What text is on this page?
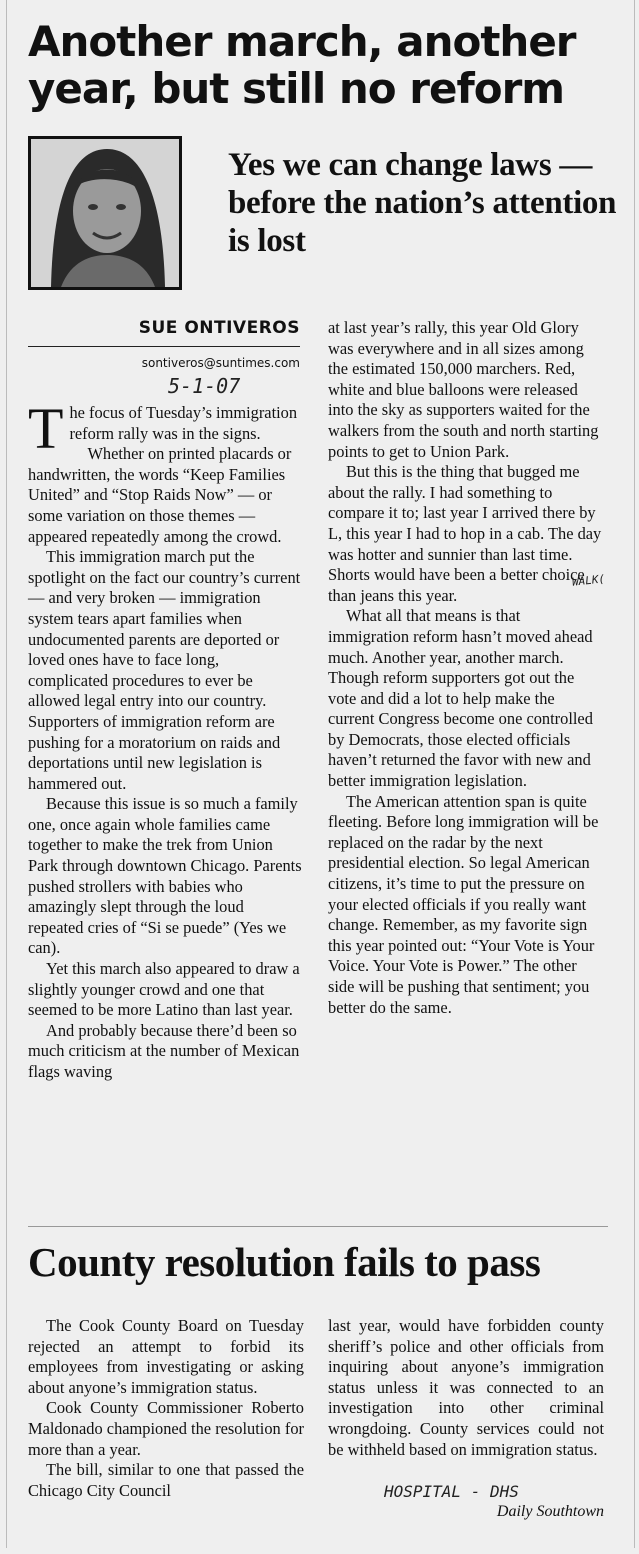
Another march, another year, but still no reform
Yes we can change laws — before the nation’s attention is lost
SUE ONTIVEROS
sontiveros@suntimes.com
5-1-07
WALK(

The focus of Tuesday’s immigration reform rally was in the signs.

Whether on printed placards or handwritten, the words “Keep Families United” and “Stop Raids Now” — or some variation on those themes — appeared repeatedly among the crowd.

This immigration march put the spotlight on the fact our country’s current — and very broken — immigration system tears apart families when undocumented parents are deported or loved ones have to face long, complicated procedures to ever be allowed legal entry into our country. Supporters of immigration reform are pushing for a moratorium on raids and deportations until new legislation is hammered out.

Because this issue is so much a family one, once again whole families came together to make the trek from Union Park through downtown Chicago. Parents pushed strollers with babies who amazingly slept through the loud repeated cries of “Si se puede” (Yes we can).

Yet this march also appeared to draw a slightly younger crowd and one that seemed to be more Latino than last year.

And probably because there’d been so much criticism at the number of Mexican flags waving

at last year’s rally, this year Old Glory was everywhere and in all sizes among the estimated 150,000 marchers. Red, white and blue balloons were released into the sky as supporters waited for the walkers from the south and north starting points to get to Union Park.

But this is the thing that bugged me about the rally. I had something to compare it to; last year I arrived there by L, this year I had to hop in a cab. The day was hotter and sunnier than last time. Shorts would have been a better choice than jeans this year.

What all that means is that immigration reform hasn’t moved ahead much. Another year, another march. Though reform supporters got out the vote and did a lot to help make the current Congress become one controlled by Democrats, those elected officials haven’t returned the favor with new and better immigration legislation.

The American attention span is quite fleeting. Before long immigration will be replaced on the radar by the next presidential election. So legal American citizens, it’s time to put the pressure on your elected officials if you really want change. Remember, as my favorite sign this year pointed out: “Your Vote is Your Voice. Your Vote is Power.” The other side will be pushing that sentiment; you better do the same.

County resolution fails to pass

The Cook County Board on Tuesday rejected an attempt to forbid its employees from investigating or asking about anyone’s immigration status.

Cook County Commissioner Roberto Maldonado championed the resolution for more than a year.

The bill, similar to one that passed the Chicago City Council

last year, would have forbidden county sheriff’s police and other officials from inquiring about anyone’s immigration status unless it was connected to an investigation into other criminal wrongdoing. County services could not be withheld based on immigration status.

HOSPITAL - DHS
Daily Southtown
